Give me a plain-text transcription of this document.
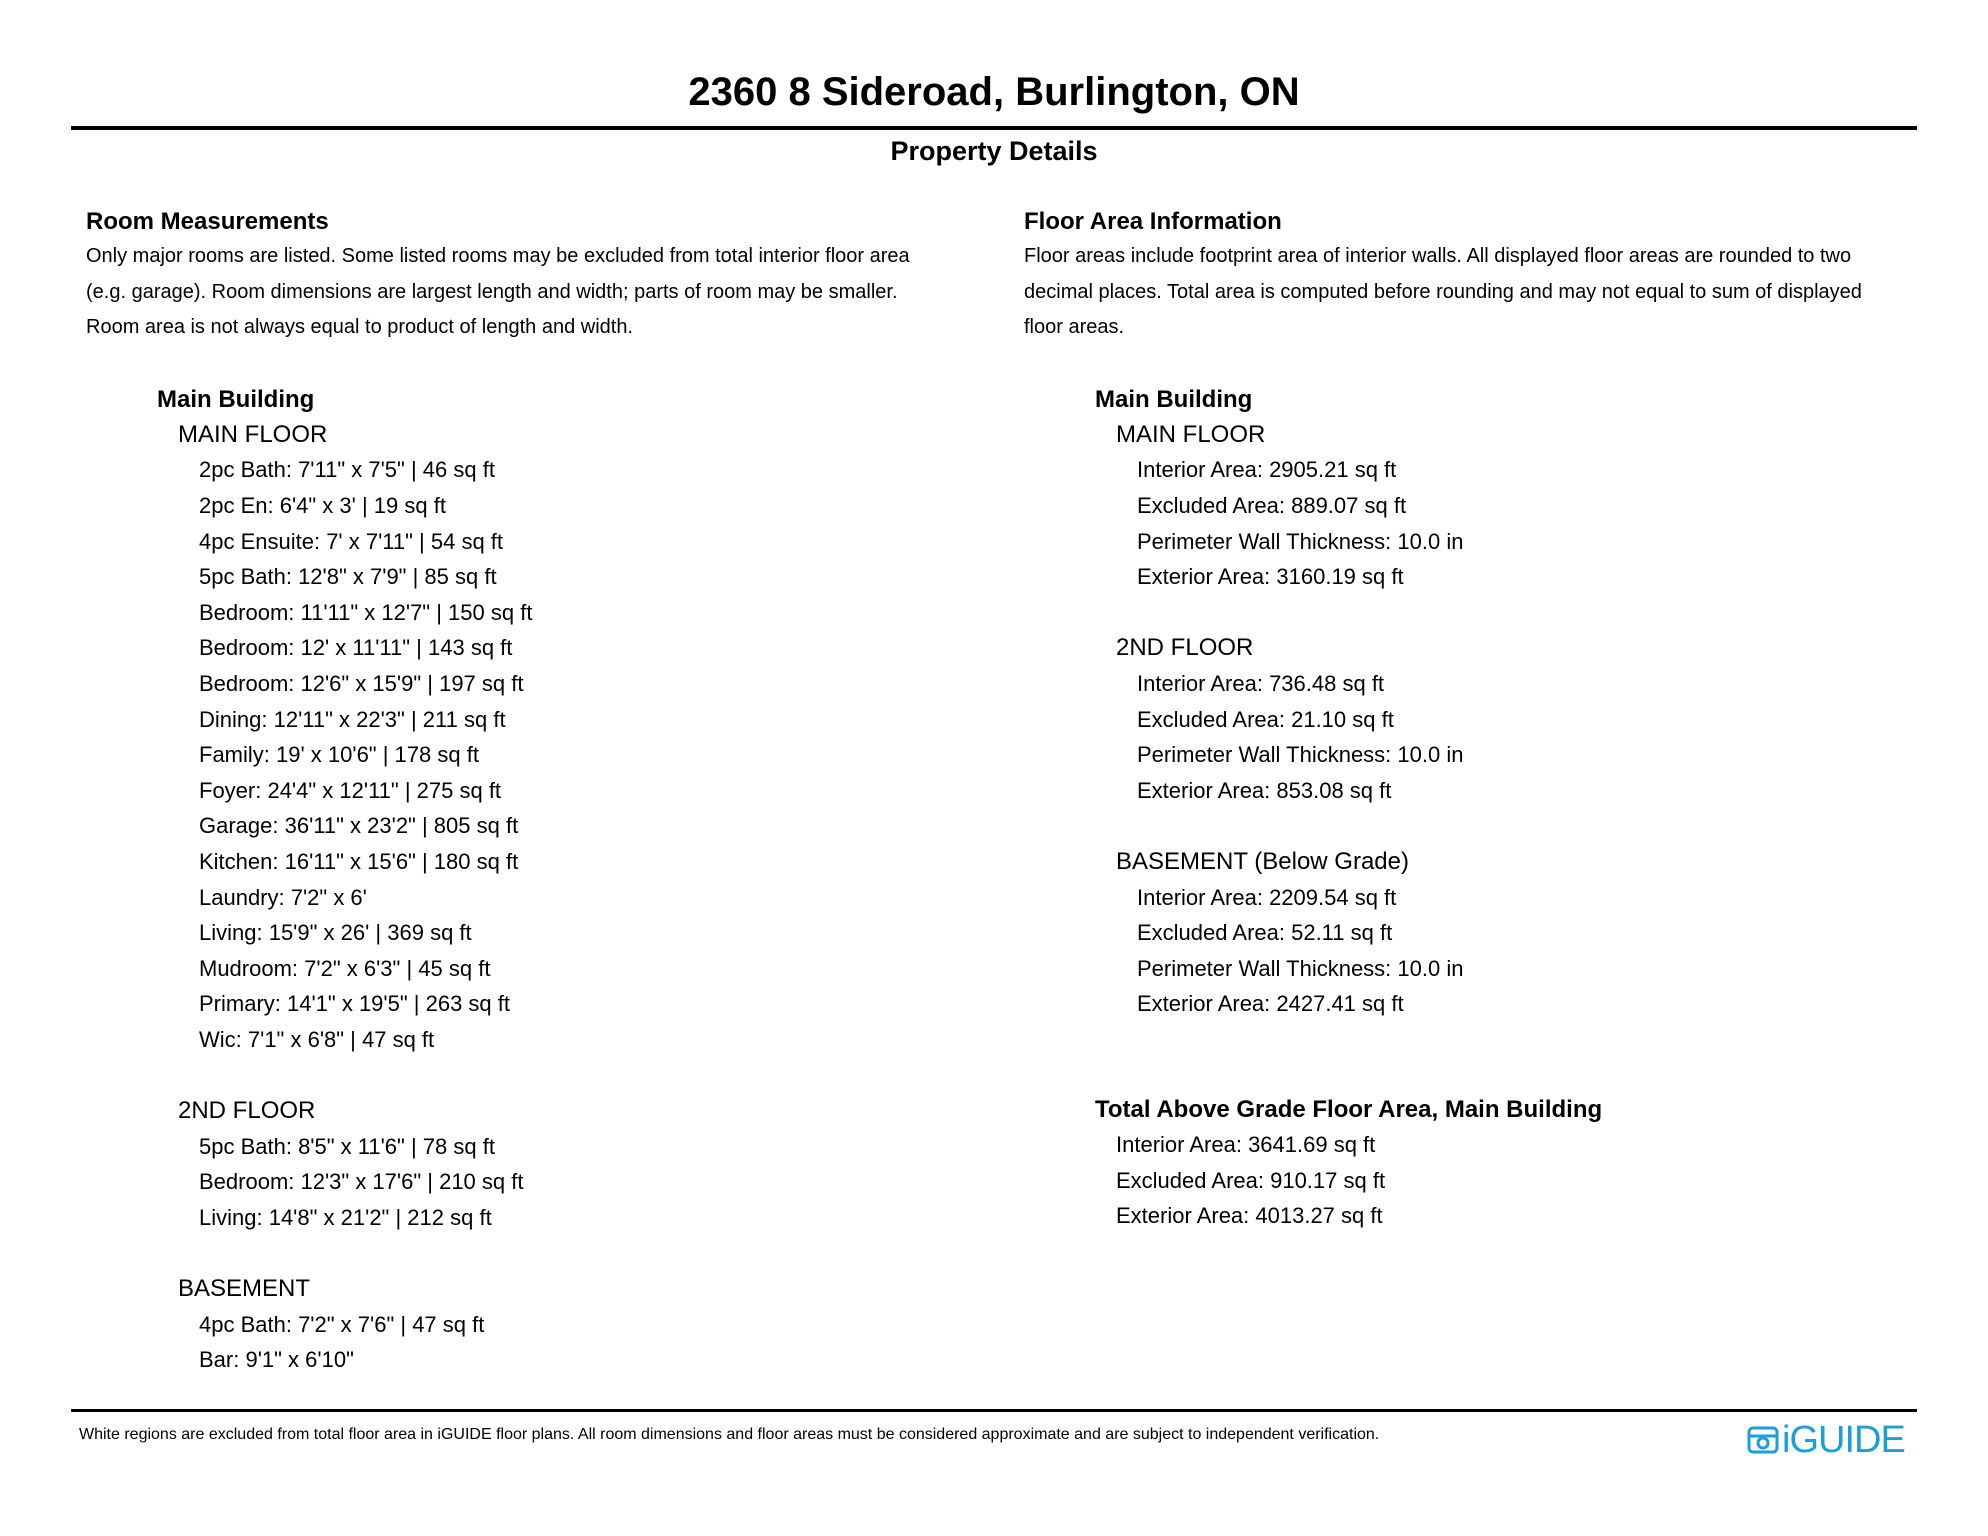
2360 8 Sideroad, Burlington, ON
Property Details
Room Measurements

Only major rooms are listed. Some listed rooms may be excluded from total interior floor area
(e.g. garage). Room dimensions are largest length and width; parts of room may be smaller.
Room area is not always equal to product of length and width.

Main Building
MAIN FLOOR
2pc Bath: 7'11" x 7'5" | 46 sq ft
2pc En: 6'4" x 3' | 19 sq ft
4pc Ensuite: 7' x 7'11" | 54 sq ft
5pc Bath: 12'8" x 7'9" | 85 sq ft
Bedroom: 11'11" x 12'7" | 150 sq ft
Bedroom: 12' x 11'11" | 143 sq ft
Bedroom: 12'6" x 15'9" | 197 sq ft
Dining: 12'11" x 22'3" | 211 sq ft
Family: 19' x 10'6" | 178 sq ft
Foyer: 24'4" x 12'11" | 275 sq ft
Garage: 36'11" x 23'2" | 805 sq ft
Kitchen: 16'11" x 15'6" | 180 sq ft
Laundry: 7'2" x 6'
Living: 15'9" x 26' | 369 sq ft
Mudroom: 7'2" x 6'3" | 45 sq ft
Primary: 14'1" x 19'5" | 263 sq ft
Wic: 7'1" x 6'8" | 47 sq ft
2ND FLOOR
5pc Bath: 8'5" x 11'6" | 78 sq ft
Bedroom: 12'3" x 17'6" | 210 sq ft
Living: 14'8" x 21'2" | 212 sq ft
BASEMENT
4pc Bath: 7'2" x 7'6" | 47 sq ft
Bar: 9'1" x 6'10"
Floor Area Information

Floor areas include footprint area of interior walls. All displayed floor areas are rounded to two
decimal places. Total area is computed before rounding and may not equal to sum of displayed
floor areas.

Main Building
MAIN FLOOR
Interior Area: 2905.21 sq ft
Excluded Area: 889.07 sq ft
Perimeter Wall Thickness: 10.0 in
Exterior Area: 3160.19 sq ft
2ND FLOOR
Interior Area: 736.48 sq ft
Excluded Area: 21.10 sq ft
Perimeter Wall Thickness: 10.0 in
Exterior Area: 853.08 sq ft
BASEMENT (Below Grade)
Interior Area: 2209.54 sq ft
Excluded Area: 52.11 sq ft
Perimeter Wall Thickness: 10.0 in
Exterior Area: 2427.41 sq ft
Total Above Grade Floor Area, Main Building
Interior Area: 3641.69 sq ft
Excluded Area: 910.17 sq ft
Exterior Area: 4013.27 sq ft
White regions are excluded from total floor area in iGUIDE floor plans. All room dimensions and floor areas must be considered approximate and are subject to independent verification.	iGUIDE
